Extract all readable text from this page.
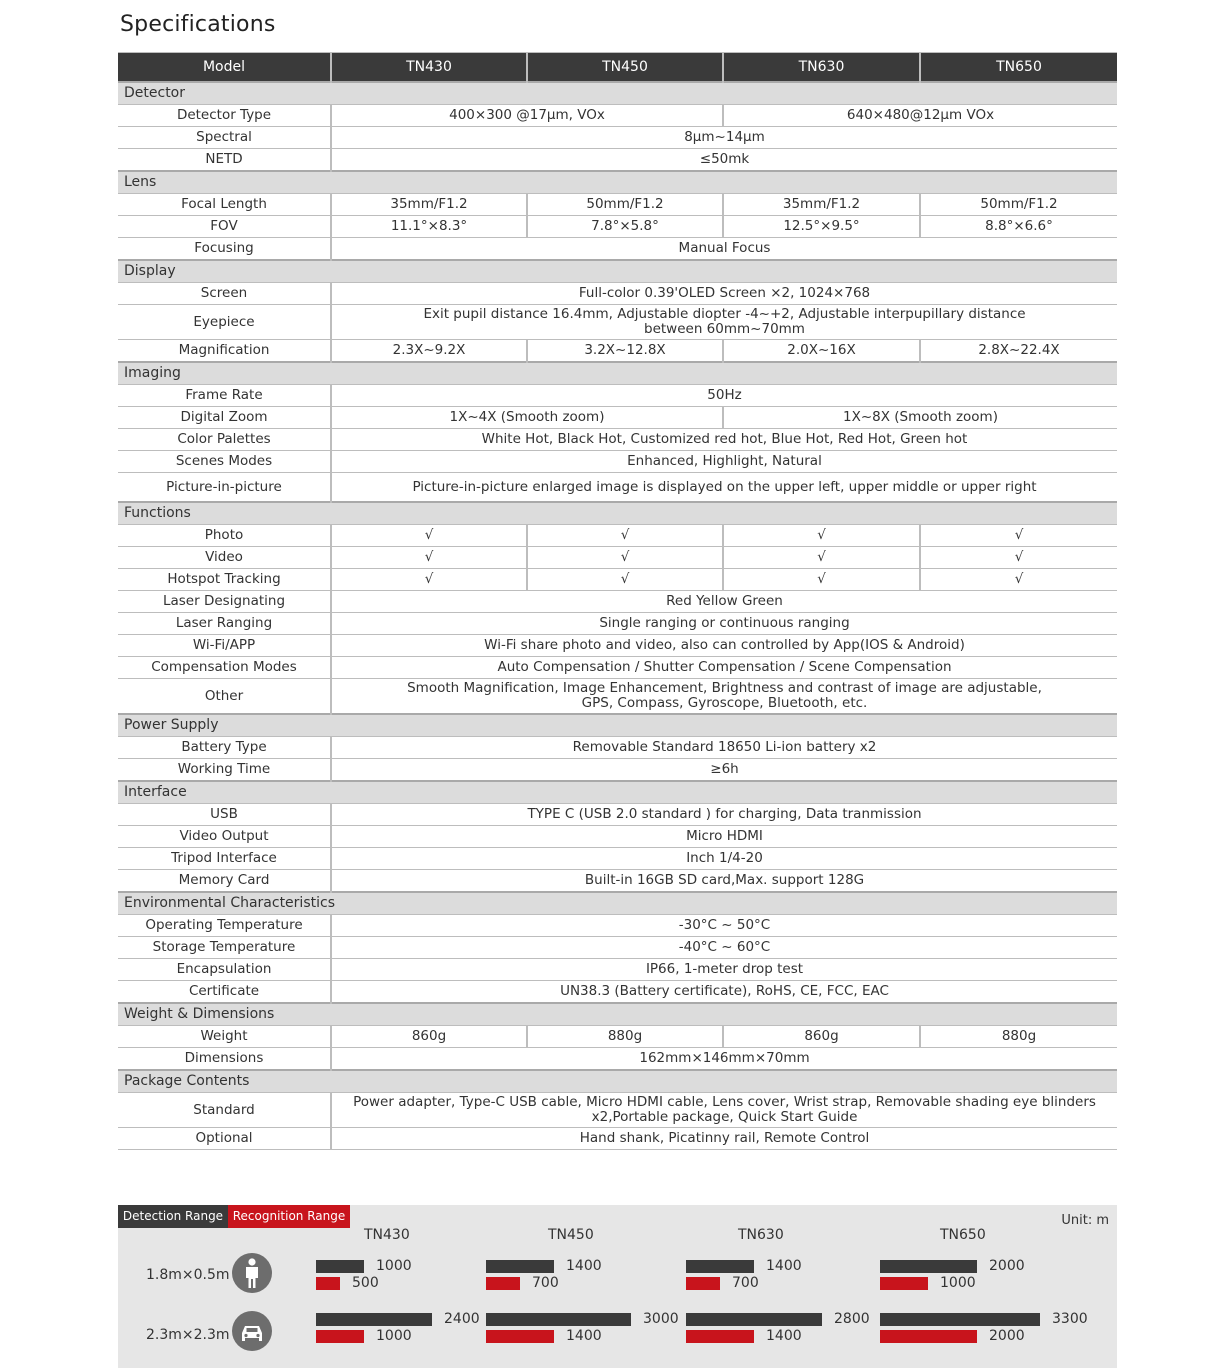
Specifications
Model	TN430	TN450	TN630	TN650
Detector				
Detector Type	400×300 @17μm, VOx		640×480@12μm VOx	
Spectral	8μm~14μm			
NETD	≤50mk			
Lens				
Focal Length	35mm/F1.2	50mm/F1.2	35mm/F1.2	50mm/F1.2
FOV	11.1°×8.3°	7.8°×5.8°	12.5°×9.5°	8.8°×6.6°
Focusing	Manual Focus			
Display				
Screen	Full-color 0.39'OLED Screen ×2, 1024×768			
Eyepiece	Exit pupil distance 16.4mm, Adjustable diopter -4~+2, Adjustable interpupillary distance
between 60mm~70mm			
Magnification	2.3X~9.2X	3.2X~12.8X	2.0X~16X	2.8X~22.4X
Imaging				
Frame Rate	50Hz			
Digital Zoom	1X~4X (Smooth zoom)		1X~8X (Smooth zoom)	
Color Palettes	White Hot, Black Hot, Customized red hot, Blue Hot, Red Hot, Green hot			
Scenes Modes	Enhanced, Highlight, Natural			
Picture-in-picture	Picture-in-picture enlarged image is displayed on the upper left, upper middle or upper right			
Functions				
Photo	√	√	√	√
Video	√	√	√	√
Hotspot Tracking	√	√	√	√
Laser Designating	Red Yellow Green			
Laser Ranging	Single ranging or continuous ranging			
Wi-Fi/APP	Wi-Fi share photo and video, also can controlled by App(IOS & Android)			
Compensation Modes	Auto Compensation / Shutter Compensation / Scene Compensation			
Other	Smooth Magnification, Image Enhancement, Brightness and contrast of image are adjustable,
GPS, Compass, Gyroscope, Bluetooth, etc.			
Power Supply				
Battery Type	Removable Standard 18650 Li-ion battery x2			
Working Time	≥6h			
Interface				
USB	TYPE C (USB 2.0 standard ) for charging, Data tranmission			
Video Output	Micro HDMI			
Tripod Interface	Inch 1/4-20			
Memory Card	Built-in 16GB SD card,Max. support 128G			
Environmental Characteristics				
Operating Temperature	-30°C ~ 50°C			
Storage Temperature	-40°C ~ 60°C			
Encapsulation	IP66, 1-meter drop test			
Certificate	UN38.3 (Battery certificate), RoHS, CE, FCC, EAC			
Weight & Dimensions				
Weight	860g	880g	860g	880g
Dimensions	162mm×146mm×70mm			
Package Contents				
Standard	Power adapter, Type-C USB cable, Micro HDMI cable, Lens cover, Wrist strap, Removable shading eye blinders
x2,Portable package, Quick Start Guide			
Optional	Hand shank, Picatinny rail, Remote Control			
Detection Range Recognition Range	Unit: m
1.8m×0.5m
2.3m×2.3m
TN430	TN450	TN630	TN650
1000	1400	1400	2000
500	700	700	1000
2400	3000	2800	3300
1000	1400	1400	2000
